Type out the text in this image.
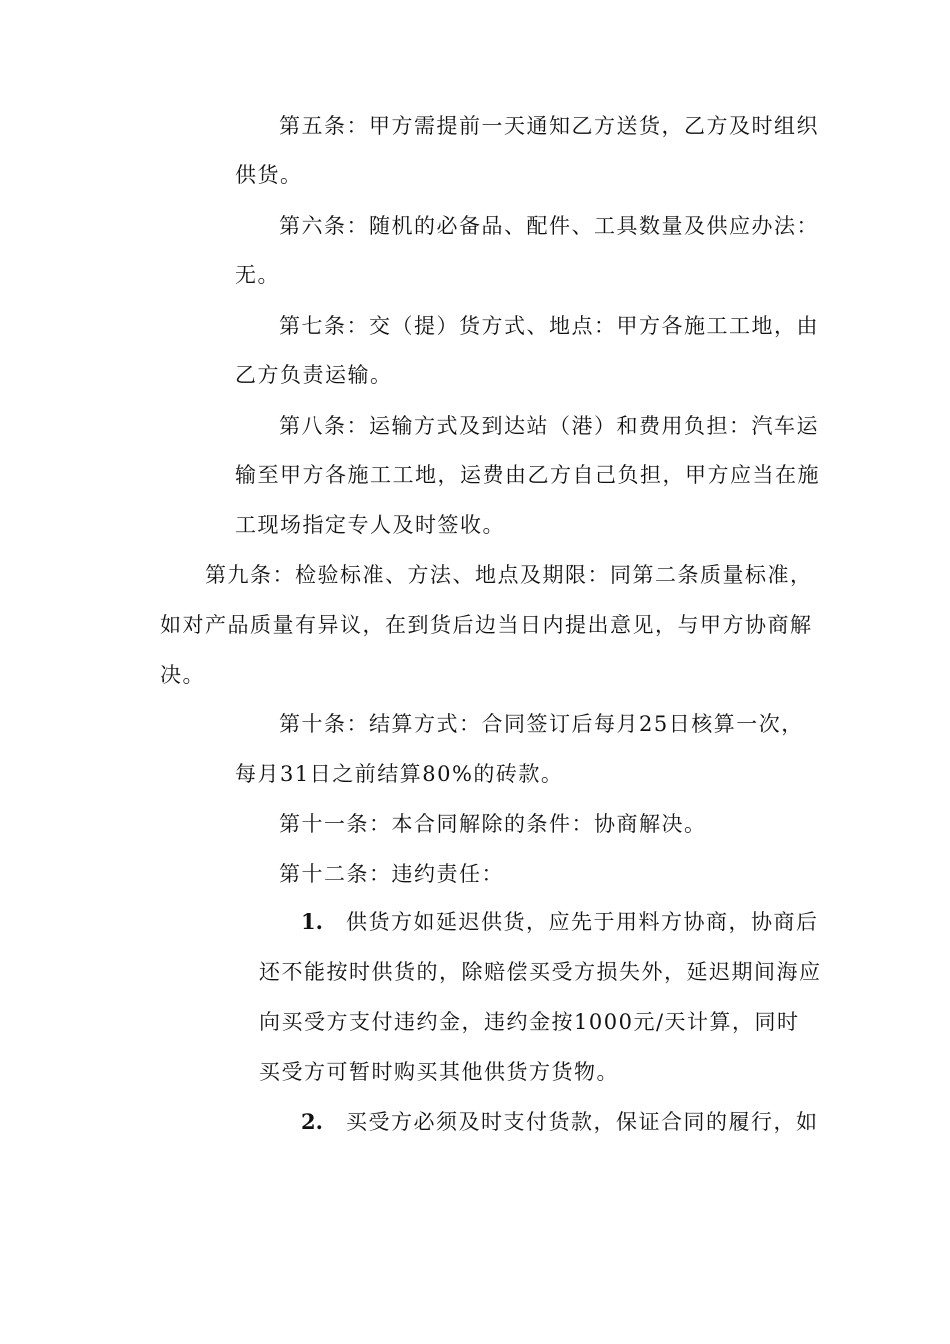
第五条：甲方需提前一天通知乙方送货，乙方及时组织
供货。
第六条：随机的必备品、配件、工具数量及供应办法：
无。
第七条：交（提）货方式、地点：甲方各施工工地，由
乙方负责运输。
第八条：运输方式及到达站（港）和费用负担：汽车运
输至甲方各施工工地，运费由乙方自己负担，甲方应当在施
工现场指定专人及时签收。
第九条：检验标准、方法、地点及期限：同第二条质量标准，
如对产品质量有异议，在到货后边当日内提出意见，与甲方协商解
决。
第十条：结算方式：合同签订后每月25日核算一次，
每月31日之前结算80%的砖款。
第十一条：本合同解除的条件：协商解决。
第十二条：违约责任：
1. 供货方如延迟供货，应先于用料方协商，协商后
还不能按时供货的，除赔偿买受方损失外，延迟期间海应
向买受方支付违约金，违约金按1000元/天计算，同时
买受方可暂时购买其他供货方货物。
2. 买受方必须及时支付货款，保证合同的履行，如
